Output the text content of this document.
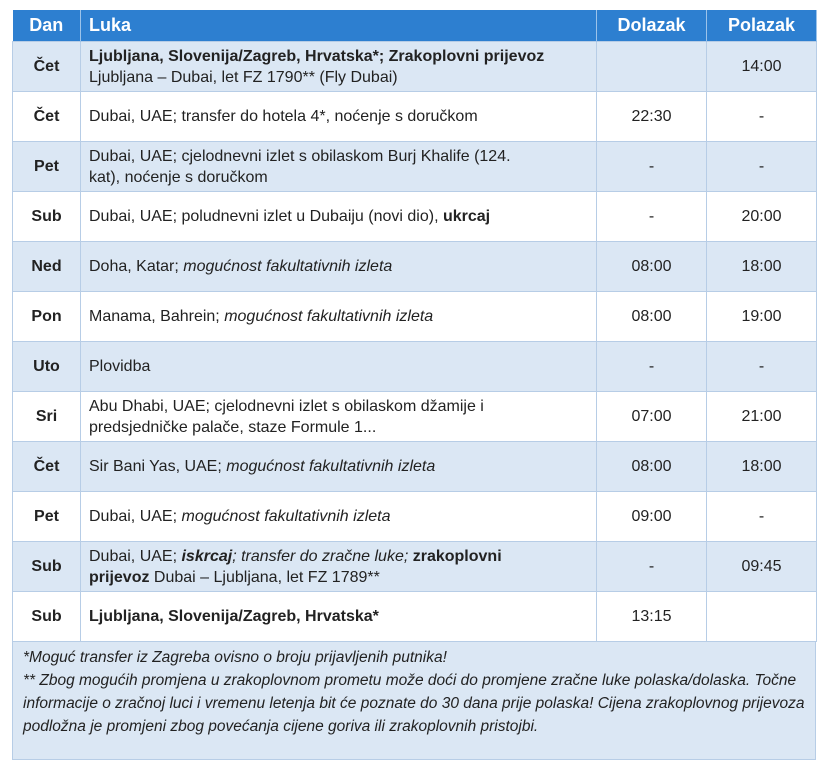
Dan	Luka	Dolazak	Polazak
Čet	Ljubljana, Slovenija/Zagreb, Hrvatska*; Zrakoplovni prijevoz
Ljubljana – Dubai, let FZ 1790** (Fly Dubai)		14:00
Čet	Dubai, UAE; transfer do hotela 4*, noćenje s doručkom	22:30	-
Pet	Dubai, UAE; cjelodnevni izlet s obilaskom Burj Khalife (124.
kat), noćenje s doručkom	-	-
Sub	Dubai, UAE; poludnevni izlet u Dubaiju (novi dio), ukrcaj	-	20:00
Ned	Doha, Katar; mogućnost fakultativnih izleta	08:00	18:00
Pon	Manama, Bahrein; mogućnost fakultativnih izleta	08:00	19:00
Uto	Plovidba	-	-
Sri	Abu Dhabi, UAE; cjelodnevni izlet s obilaskom džamije i
predsjedničke palače, staze Formule 1...	07:00	21:00
Čet	Sir Bani Yas, UAE; mogućnost fakultativnih izleta	08:00	18:00
Pet	Dubai, UAE; mogućnost fakultativnih izleta	09:00	-
Sub	Dubai, UAE; iskrcaj; transfer do zračne luke; zrakoplovni
prijevoz Dubai – Ljubljana, let FZ 1789**	-	09:45
Sub	Ljubljana, Slovenija/Zagreb, Hrvatska*	13:15	

*Moguć transfer iz Zagreba ovisno o broju prijavljenih putnika!

** Zbog mogućih promjena u zrakoplovnom prometu može doći do promjene zračne luke polaska/dolaska. Točne informacije o zračnoj luci i vremenu letenja bit će poznate do 30 dana prije polaska! Cijena zrakoplovnog prijevoza podložna je promjeni zbog povećanja cijene goriva ili zrakoplovnih pristojbi.
